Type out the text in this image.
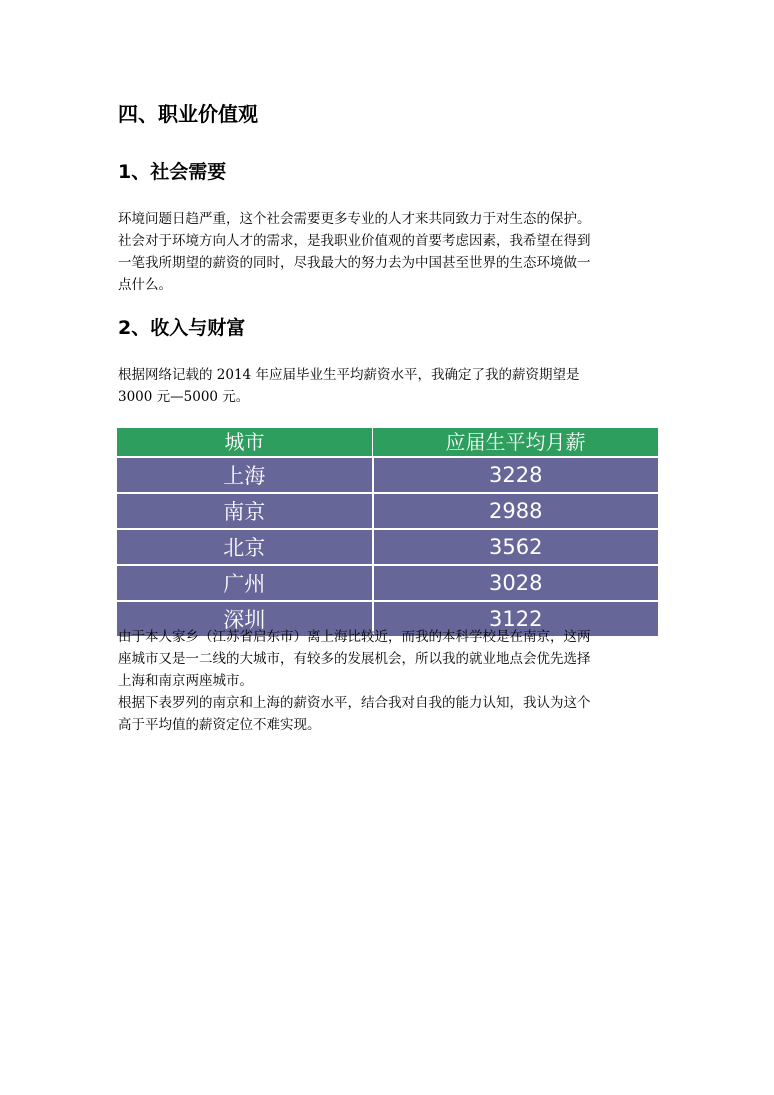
四、职业价值观
1、社会需要
环境问题日趋严重，这个社会需要更多专业的人才来共同致力于对生态的保护。
社会对于环境方向人才的需求，是我职业价值观的首要考虑因素，我希望在得到
一笔我所期望的薪资的同时，尽我最大的努力去为中国甚至世界的生态环境做一
点什么。
2、收入与财富
根据网络记载的 2014 年应届毕业生平均薪资水平，我确定了我的薪资期望是
3000 元—5000 元。
城市	应届生平均月薪
上海	3228
南京	2988
北京	3562
广州	3028
深圳	3122
由于本人家乡（江苏省启东市）离上海比较近，而我的本科学校是在南京，这两
座城市又是一二线的大城市，有较多的发展机会，所以我的就业地点会优先选择
上海和南京两座城市。
根据下表罗列的南京和上海的薪资水平，结合我对自我的能力认知，我认为这个
高于平均值的薪资定位不难实现。
